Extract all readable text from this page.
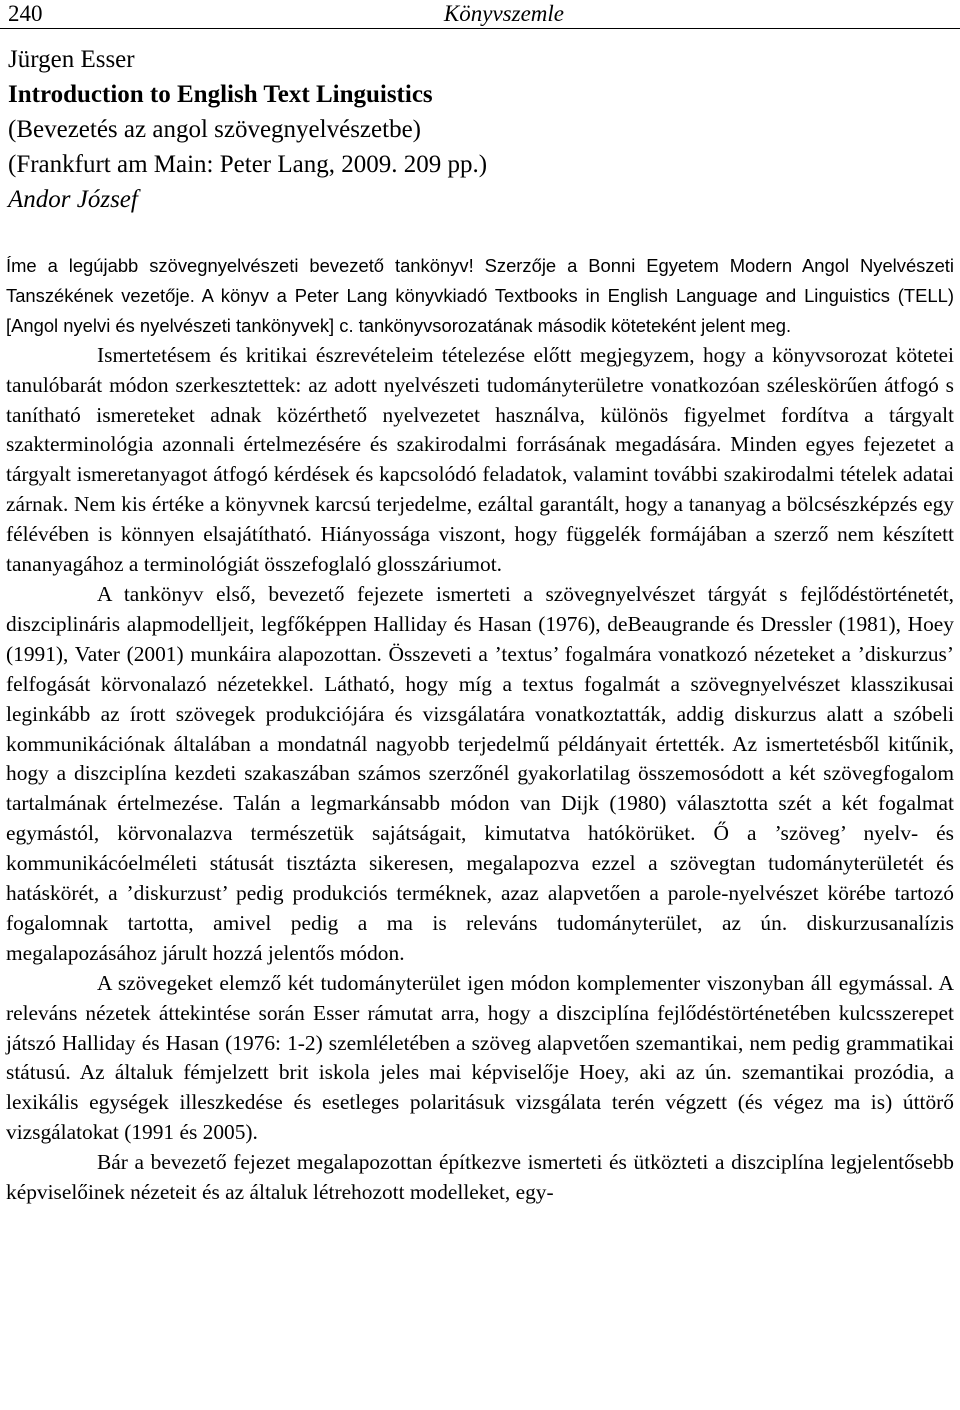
240	Könyvszemle
Jürgen Esser
Introduction to English Text Linguistics
(Bevezetés az angol szövegnyelvészetbe)
(Frankfurt am Main: Peter Lang, 2009. 209 pp.)
Andor József

Íme a legújabb szövegnyelvészeti bevezető tankönyv! Szerzője a Bonni Egyetem Modern Angol Nyelvészeti Tanszékének vezetője. A könyv a Peter Lang könyvkiadó Textbooks in English Language and Linguistics (TELL) [Angol nyelvi és nyelvészeti tankönyvek] c. tankönyvsorozatának második köteteként jelent meg.

Ismertetésem és kritikai észrevételeim tételezése előtt megjegyzem, hogy a könyvsorozat kötetei tanulóbarát módon szerkesztettek: az adott nyelvészeti tudományterületre vonatkozóan széleskörűen átfogó s tanítható ismereteket adnak közérthető nyelvezetet használva, különös figyelmet fordítva a tárgyalt szakterminológia azonnali értelmezésére és szakirodalmi forrásának megadására. Minden egyes fejezetet a tárgyalt ismeretanyagot átfogó kérdések és kapcsolódó feladatok, valamint további szakirodalmi tételek adatai zárnak. Nem kis értéke a könyvnek karcsú terjedelme, ezáltal garantált, hogy a tananyag a bölcsészképzés egy félévében is könnyen elsajátítható. Hiányossága viszont, hogy függelék formájában a szerző nem készített tananyagához a terminológiát összefoglaló glosszáriumot.

A tankönyv első, bevezető fejezete ismerteti a szövegnyelvészet tárgyát s fejlődéstörténetét, diszciplináris alapmodelljeit, legfőképpen Halliday és Hasan (1976), deBeaugrande és Dressler (1981), Hoey (1991), Vater (2001) munkáira alapozottan. Összeveti a ’textus’ fogalmára vonatkozó nézeteket a ’diskurzus’ felfogását körvonalazó nézetekkel. Látható, hogy míg a textus fogalmát a szövegnyelvészet klasszikusai leginkább az írott szövegek produkciójára és vizsgálatára vonatkoztatták, addig diskurzus alatt a szóbeli kommunikációnak általában a mondatnál nagyobb terjedelmű példányait értették. Az ismertetésből kitűnik, hogy a diszciplína kezdeti szakaszában számos szerzőnél gyakorlatilag összemosódott a két szövegfogalom tartalmának értelmezése. Talán a legmarkánsabb módon van Dijk (1980) választotta szét a két fogalmat egymástól, körvonalazva természetük sajátságait, kimutatva hatókörüket. Ő a ’szöveg’ nyelv- és kommunikácóelméleti státusát tisztázta sikeresen, megalapozva ezzel a szövegtan tudományterületét és hatáskörét, a ’diskurzust’ pedig produkciós terméknek, azaz alapvetően a parole-nyelvészet körébe tartozó fogalomnak tartotta, amivel pedig a ma is releváns tudományterület, az ún. diskurzusanalízis megalapozásához járult hozzá jelentős módon.

A szövegeket elemző két tudományterület igen módon komplementer viszonyban áll egymással. A releváns nézetek áttekintése során Esser rámutat arra, hogy a diszciplína fejlődéstörténetében kulcsszerepet játszó Halliday és Hasan (1976: 1-2) szemléletében a szöveg alapvetően szemantikai, nem pedig grammatikai státusú. Az általuk fémjelzett brit iskola jeles mai képviselője Hoey, aki az ún. szemantikai prozódia, a lexikális egységek illeszkedése és esetleges polaritásuk vizsgálata terén végzett (és végez ma is) úttörő vizsgálatokat (1991 és 2005).

Bár a bevezető fejezet megalapozottan építkezve ismerteti és ütközteti a diszciplína legjelentősebb képviselőinek nézeteit és az általuk létrehozott modelleket, egy-
